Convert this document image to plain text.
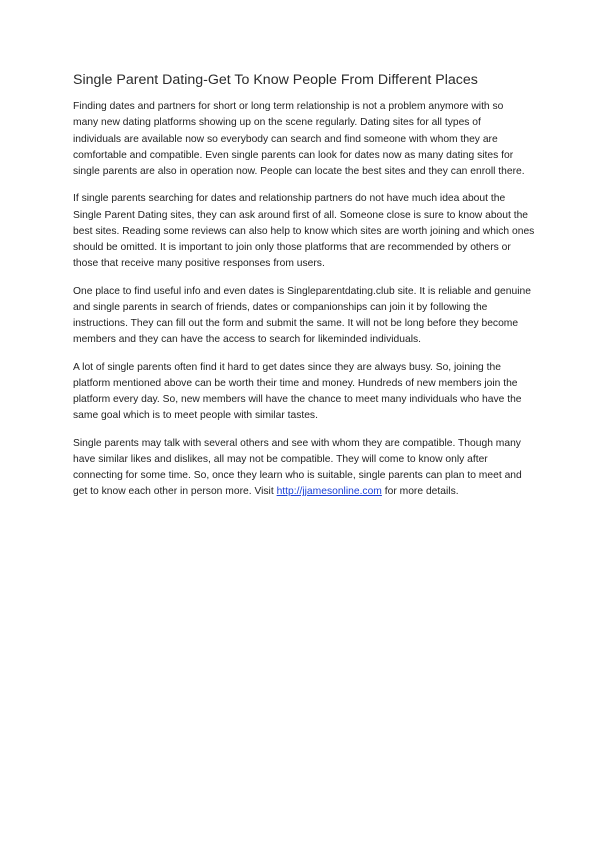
Single Parent Dating-Get To Know People From Different Places

Finding dates and partners for short or long term relationship is not a problem anymore with so
many new dating platforms showing up on the scene regularly. Dating sites for all types of
individuals are available now so everybody can search and find someone with whom they are
comfortable and compatible. Even single parents can look for dates now as many dating sites for
single parents are also in operation now. People can locate the best sites and they can enroll there.

If single parents searching for dates and relationship partners do not have much idea about the
Single Parent Dating sites, they can ask around first of all. Someone close is sure to know about the
best sites. Reading some reviews can also help to know which sites are worth joining and which ones
should be omitted. It is important to join only those platforms that are recommended by others or
those that receive many positive responses from users.

One place to find useful info and even dates is Singleparentdating.club site. It is reliable and genuine
and single parents in search of friends, dates or companionships can join it by following the
instructions. They can fill out the form and submit the same. It will not be long before they become
members and they can have the access to search for likeminded individuals.

A lot of single parents often find it hard to get dates since they are always busy. So, joining the
platform mentioned above can be worth their time and money. Hundreds of new members join the
platform every day. So, new members will have the chance to meet many individuals who have the
same goal which is to meet people with similar tastes.

Single parents may talk with several others and see with whom they are compatible. Though many
have similar likes and dislikes, all may not be compatible. They will come to know only after
connecting for some time. So, once they learn who is suitable, single parents can plan to meet and
get to know each other in person more. Visit http://jjamesonline.com for more details.
